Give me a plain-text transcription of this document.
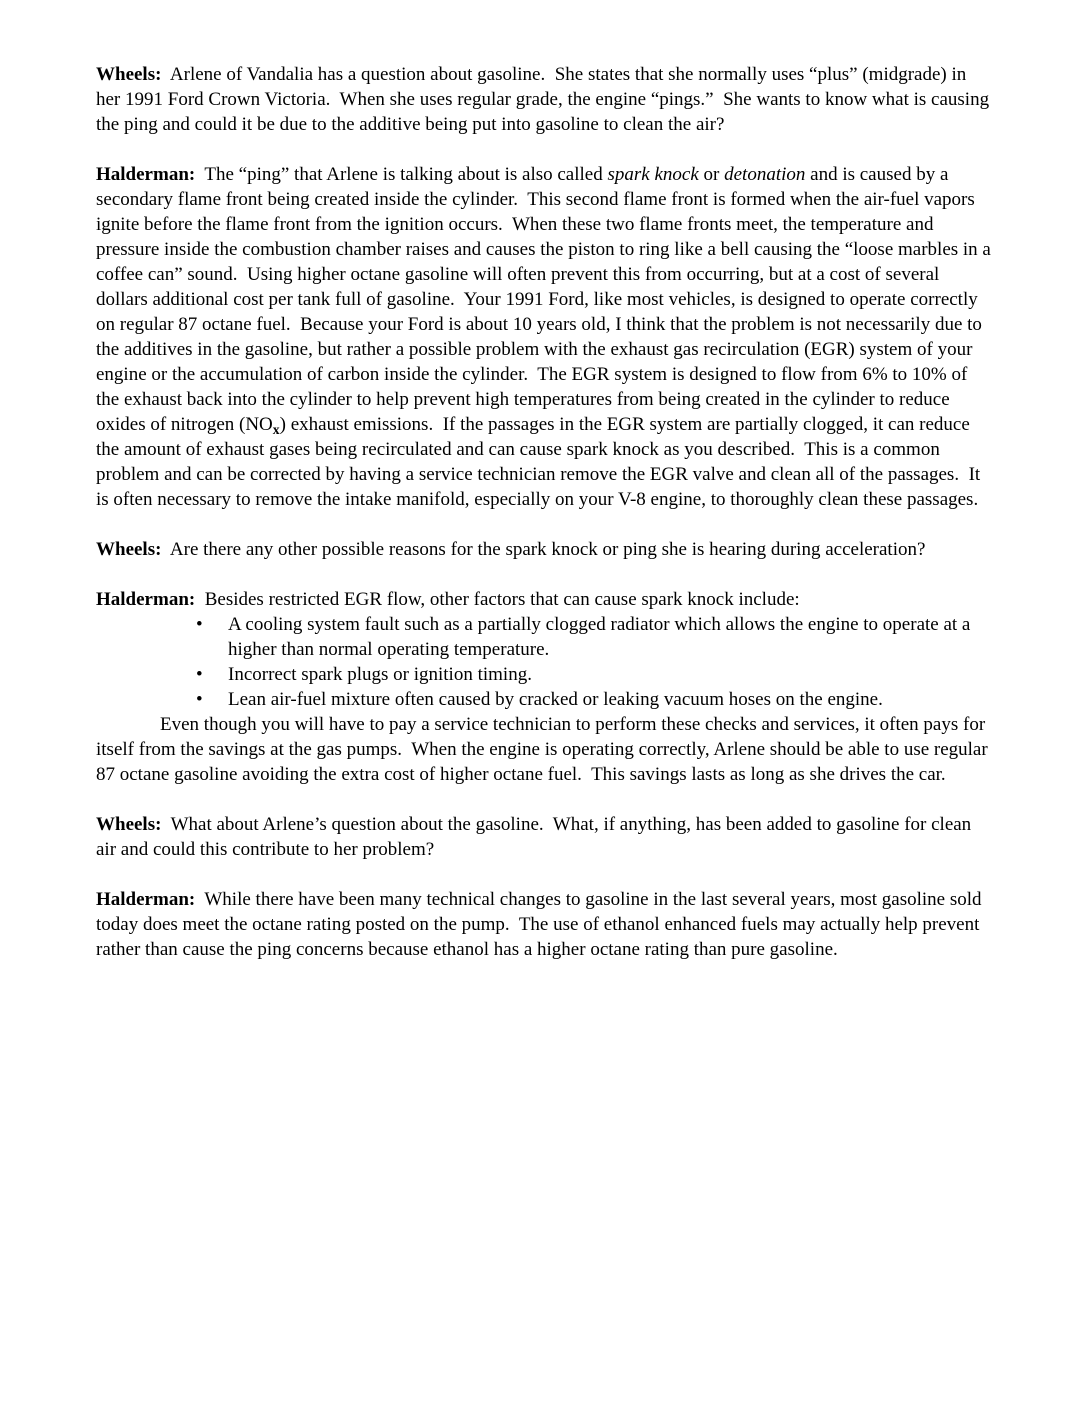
Wheels:  Arlene of Vandalia has a question about gasoline.  She states that she normally uses “plus” (midgrade) in her 1991 Ford Crown Victoria.  When she uses regular grade, the engine “pings.”  She wants to know what is causing the ping and could it be due to the additive being put into gasoline to clean the air?

Halderman:  The “ping” that Arlene is talking about is also called spark knock or detonation and is caused by a secondary flame front being created inside the cylinder.  This second flame front is formed when the air-fuel vapors ignite before the flame front from the ignition occurs.  When these two flame fronts meet, the temperature and pressure inside the combustion chamber raises and causes the piston to ring like a bell causing the “loose marbles in a coffee can” sound.  Using higher octane gasoline will often prevent this from occurring, but at a cost of several dollars additional cost per tank full of gasoline.  Your 1991 Ford, like most vehicles, is designed to operate correctly on regular 87 octane fuel.  Because your Ford is about 10 years old, I think that the problem is not necessarily due to the additives in the gasoline, but rather a possible problem with the exhaust gas recirculation (EGR) system of your engine or the accumulation of carbon inside the cylinder.  The EGR system is designed to flow from 6% to 10% of the exhaust back into the cylinder to help prevent high temperatures from being created in the cylinder to reduce oxides of nitrogen $(NO_x)$ exhaust emissions.  If the passages in the EGR system are partially clogged, it can reduce the amount of exhaust gases being recirculated and can cause spark knock as you described.  This is a common problem and can be corrected by having a service technician remove the EGR valve and clean all of the passages.  It is often necessary to remove the intake manifold, especially on your V-8 engine, to thoroughly clean these passages.

Wheels:  Are there any other possible reasons for the spark knock or ping she is hearing during acceleration?

Halderman:  Besides restricted EGR flow, other factors that can cause spark knock include:

•	A cooling system fault such as a partially clogged radiator which allows the engine to operate at a higher than normal operating temperature.
•	Incorrect spark plugs or ignition timing.
•	Lean air-fuel mixture often caused by cracked or leaking vacuum hoses on the engine.

Even though you will have to pay a service technician to perform these checks and services, it often pays for itself from the savings at the gas pumps.  When the engine is operating correctly, Arlene should be able to use regular 87 octane gasoline avoiding the extra cost of higher octane fuel.  This savings lasts as long as she drives the car.

Wheels:  What about Arlene’s question about the gasoline.  What, if anything, has been added to gasoline for clean air and could this contribute to her problem?

Halderman:  While there have been many technical changes to gasoline in the last several years, most gasoline sold today does meet the octane rating posted on the pump.  The use of ethanol enhanced fuels may actually help prevent rather than cause the ping concerns because ethanol has a higher octane rating than pure gasoline.
